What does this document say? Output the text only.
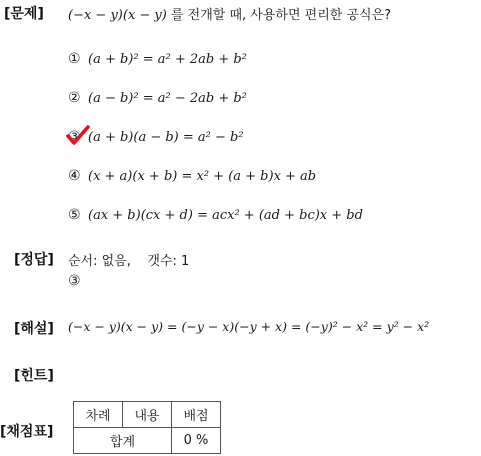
[문제] (−x − y)(x − y) 를 전개할 때, 사용하면 편리한 공식은?
① (a + b)² = a² + 2ab + b²
② (a − b)² = a² − 2ab + b²
③ (a + b)(a − b) = a² − b²
④ (x + a)(x + b) = x² + (a + b)x + ab
⑤ (ax + b)(cx + d) = acx² + (ad + bc)x + bd
[정답] 순서: 없음,    갯수: 1
③
[해설] (−x − y)(x − y) = (−y − x)(−y + x) = (−y)² − x² = y² − x²
[힌트]
[채점표]
차례	내용	배점
합계		0 %
